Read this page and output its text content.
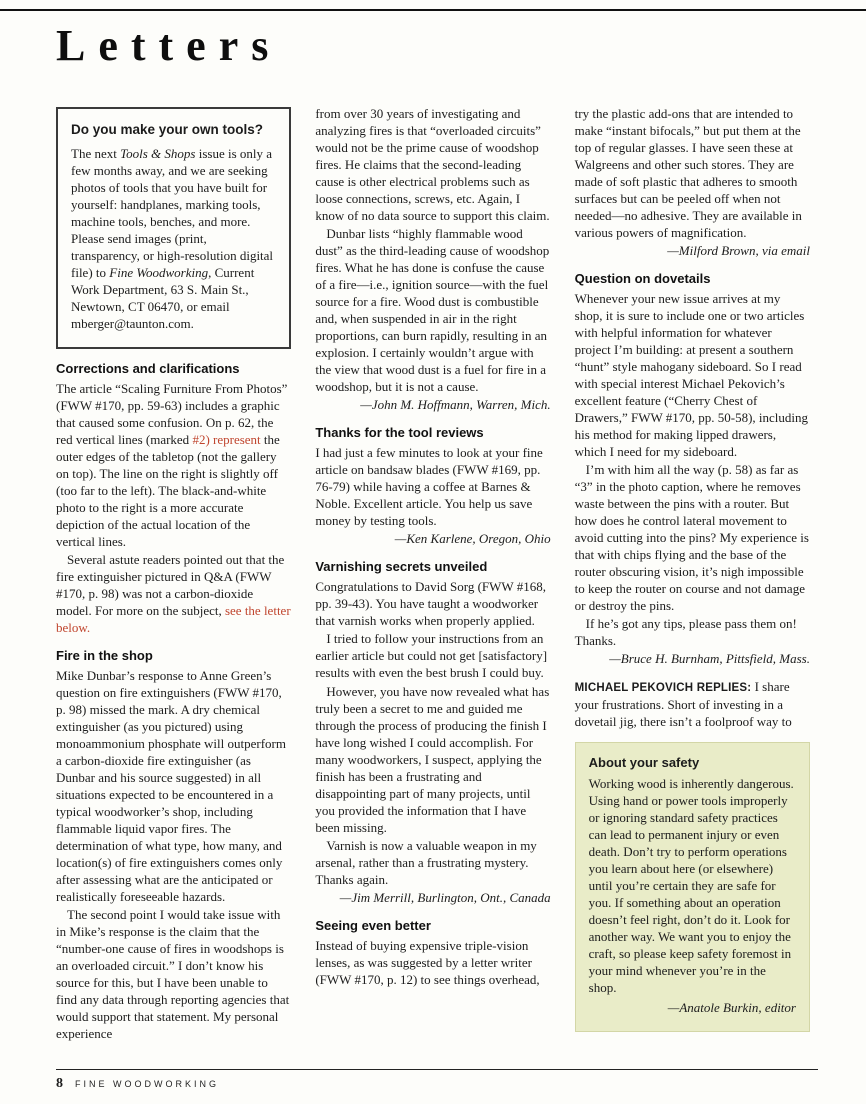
Letters
Do you make your own tools?

The next Tools & Shops issue is only a few months away, and we are seeking photos of tools that you have built for yourself: handplanes, marking tools, machine tools, benches, and more. Please send images (print, transparency, or high-resolution digital file) to Fine Woodworking, Current Work Department, 63 S. Main St., Newtown, CT 06470, or email mberger@taunton.com.

Corrections and clarifications

The article “Scaling Furniture From Photos” (FWW #170, pp. 59-63) includes a graphic that caused some confusion. On p. 62, the red vertical lines (marked #2) represent the outer edges of the tabletop (not the gallery on top). The line on the right is slightly off (too far to the left). The black-and-white photo to the right is a more accurate depiction of the actual location of the vertical lines.

Several astute readers pointed out that the fire extinguisher pictured in Q&A (FWW #170, p. 98) was not a carbon-dioxide model. For more on the subject, see the letter below.

Fire in the shop

Mike Dunbar’s response to Anne Green’s question on fire extinguishers (FWW #170, p. 98) missed the mark. A dry chemical extinguisher (as you pictured) using monoammonium phosphate will outperform a carbon-dioxide fire extinguisher (as Dunbar and his source suggested) in all situations expected to be encountered in a typical woodworker’s shop, including flammable liquid vapor fires. The determination of what type, how many, and location(s) of fire extinguishers comes only after assessing what are the anticipated or realistically foreseeable hazards.

The second point I would take issue with in Mike’s response is the claim that the “number-one cause of fires in woodshops is an overloaded circuit.” I don’t know his source for this, but I have been unable to find any data through reporting agencies that would support that statement. My personal experience

from over 30 years of investigating and analyzing fires is that “overloaded circuits” would not be the prime cause of woodshop fires. He claims that the second-leading cause is other electrical problems such as loose connections, screws, etc. Again, I know of no data source to support this claim.

Dunbar lists “highly flammable wood dust” as the third-leading cause of woodshop fires. What he has done is confuse the cause of a fire—i.e., ignition source—with the fuel source for a fire. Wood dust is combustible and, when suspended in air in the right proportions, can burn rapidly, resulting in an explosion. I certainly wouldn’t argue with the view that wood dust is a fuel for fire in a woodshop, but it is not a cause.

—John M. Hoffmann, Warren, Mich.

Thanks for the tool reviews

I had just a few minutes to look at your fine article on bandsaw blades (FWW #169, pp. 76-79) while having a coffee at Barnes & Noble. Excellent article. You help us save money by testing tools.

—Ken Karlene, Oregon, Ohio

Varnishing secrets unveiled

Congratulations to David Sorg (FWW #168, pp. 39-43). You have taught a woodworker that varnish works when properly applied.

I tried to follow your instructions from an earlier article but could not get [satisfactory] results with even the best brush I could buy.

However, you have now revealed what has truly been a secret to me and guided me through the process of producing the finish I have long wished I could accomplish. For many woodworkers, I suspect, applying the finish has been a frustrating and disappointing part of many projects, until you provided the information that I have been missing.

Varnish is now a valuable weapon in my arsenal, rather than a frustrating mystery. Thanks again.

—Jim Merrill, Burlington, Ont., Canada

Seeing even better

Instead of buying expensive triple-vision lenses, as was suggested by a letter writer (FWW #170, p. 12) to see things overhead,

try the plastic add-ons that are intended to make “instant bifocals,” but put them at the top of regular glasses. I have seen these at Walgreens and other such stores. They are made of soft plastic that adheres to smooth surfaces but can be peeled off when not needed—no adhesive. They are available in various powers of magnification.

—Milford Brown, via email

Question on dovetails

Whenever your new issue arrives at my shop, it is sure to include one or two articles with helpful information for whatever project I’m building: at present a southern “hunt” style mahogany sideboard. So I read with special interest Michael Pekovich’s excellent feature (“Cherry Chest of Drawers,” FWW #170, pp. 50-58), including his method for making lipped drawers, which I need for my sideboard.

I’m with him all the way (p. 58) as far as “3” in the photo caption, where he removes waste between the pins with a router. But how does he control lateral movement to avoid cutting into the pins? My experience is that with chips flying and the base of the router obscuring vision, it’s nigh impossible to keep the router on course and not damage or destroy the pins.

If he’s got any tips, please pass them on! Thanks.

—Bruce H. Burnham, Pittsfield, Mass.

MICHAEL PEKOVICH REPLIES: I share your frustrations. Short of investing in a dovetail jig, there isn’t a foolproof way to

About your safety

Working wood is inherently dangerous. Using hand or power tools improperly or ignoring standard safety practices can lead to permanent injury or even death. Don’t try to perform operations you learn about here (or elsewhere) until you’re certain they are safe for you. If something about an operation doesn’t feel right, don’t do it. Look for another way. We want you to enjoy the craft, so please keep safety foremost in your mind whenever you’re in the shop.

—Anatole Burkin, editor

8 FINE WOODWORKING
